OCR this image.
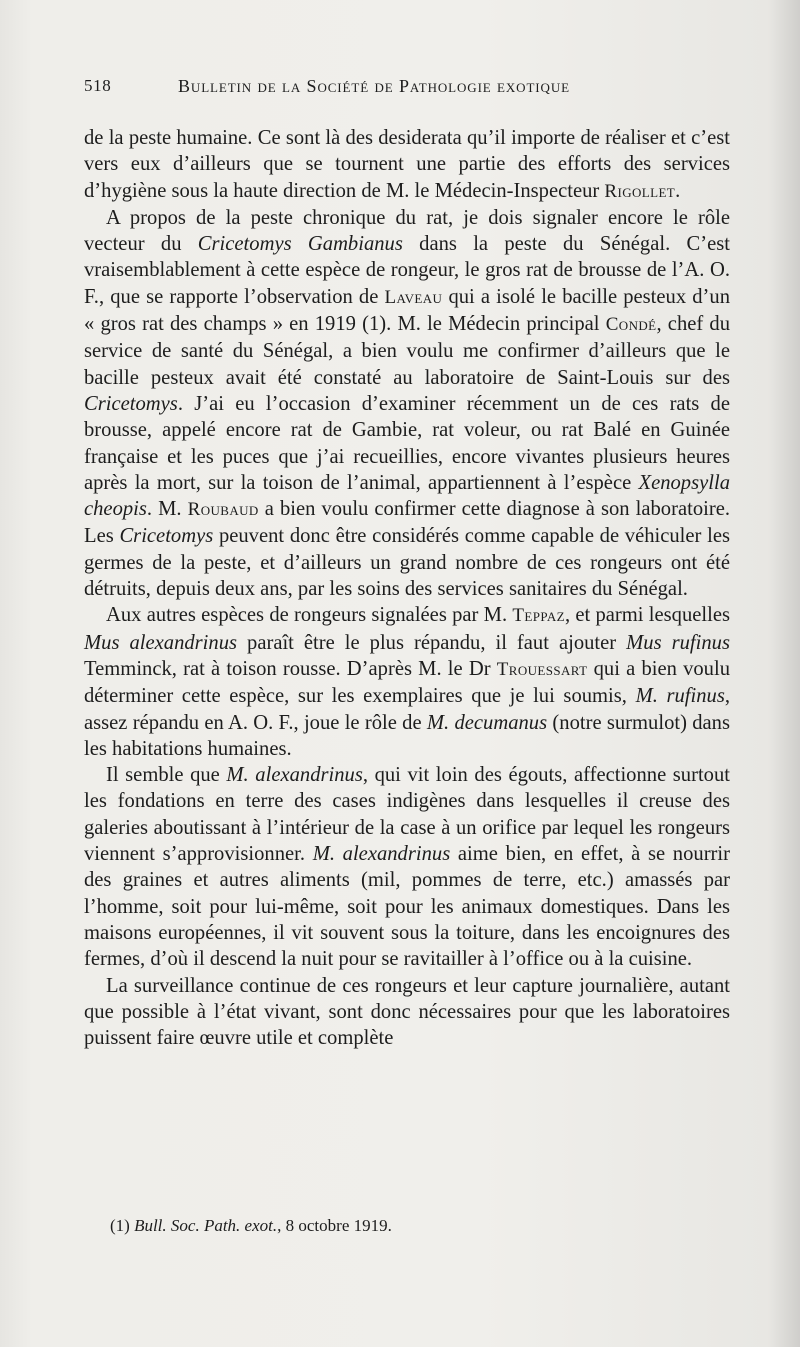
518	Bulletin de la Société de Pathologie exotique

de la peste humaine. Ce sont là des desiderata qu’il importe de réaliser et c’est vers eux d’ailleurs que se tournent une partie des efforts des services d’hygiène sous la haute direction de M. le Médecin-Inspecteur Rigollet.

A propos de la peste chronique du rat, je dois signaler encore le rôle vecteur du Cricetomys Gambianus dans la peste du Sénégal. C’est vraisemblablement à cette espèce de rongeur, le gros rat de brousse de l’A. O. F., que se rapporte l’observation de Laveau qui a isolé le bacille pesteux d’un « gros rat des champs » en 1919 (1). M. le Médecin principal Condé, chef du service de santé du Sénégal, a bien voulu me confirmer d’ailleurs que le bacille pesteux avait été constaté au laboratoire de Saint-Louis sur des Cricetomys. J’ai eu l’occasion d’examiner récemment un de ces rats de brousse, appelé encore rat de Gambie, rat voleur, ou rat Balé en Guinée française et les puces que j’ai recueillies, encore vivantes plusieurs heures après la mort, sur la toison de l’animal, appartiennent à l’espèce Xenopsylla cheopis. M. Roubaud a bien voulu confirmer cette diagnose à son laboratoire. Les Cricetomys peuvent donc être considérés comme capable de véhiculer les germes de la peste, et d’ailleurs un grand nombre de ces rongeurs ont été détruits, depuis deux ans, par les soins des services sanitaires du Sénégal.

Aux autres espèces de rongeurs signalées par M. Teppaz, et parmi lesquelles Mus alexandrinus paraît être le plus répandu, il faut ajouter Mus rufinus Temminck, rat à toison rousse. D’après M. le Dr Trouessart qui a bien voulu déterminer cette espèce, sur les exemplaires que je lui soumis, M. rufinus, assez répandu en A. O. F., joue le rôle de M. decumanus (notre surmulot) dans les habitations humaines.

Il semble que M. alexandrinus, qui vit loin des égouts, affectionne surtout les fondations en terre des cases indigènes dans lesquelles il creuse des galeries aboutissant à l’intérieur de la case à un orifice par lequel les rongeurs viennent s’approvisionner. M. alexandrinus aime bien, en effet, à se nourrir des graines et autres aliments (mil, pommes de terre, etc.) amassés par l’homme, soit pour lui-même, soit pour les animaux domestiques. Dans les maisons européennes, il vit souvent sous la toiture, dans les encoignures des fermes, d’où il descend la nuit pour se ravitailler à l’office ou à la cuisine.

La surveillance continue de ces rongeurs et leur capture journalière, autant que possible à l’état vivant, sont donc nécessaires pour que les laboratoires puissent faire œuvre utile et complète

(1) Bull. Soc. Path. exot., 8 octobre 1919.
